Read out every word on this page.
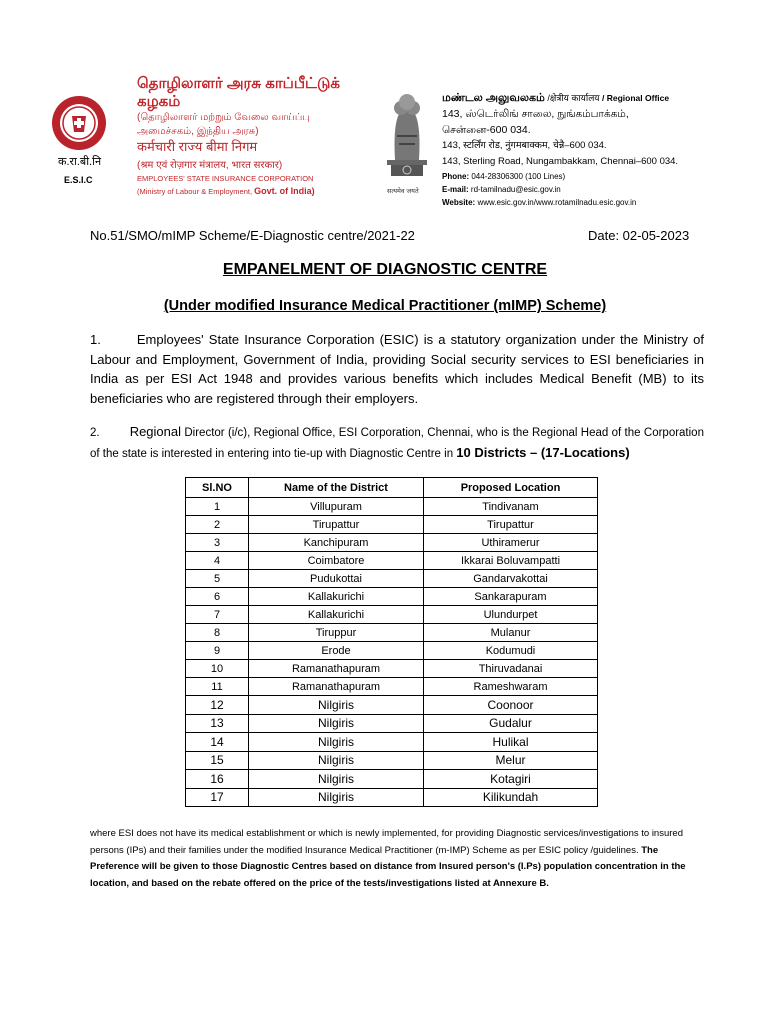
क.रा.बी.नि
E.S.I.C
தொழிலாளர் அரசு காப்பீட்டுக் கழகம்
(தொழிலாளர் மற்றும் வேலை வாய்ப்பு
அமைச்சகம், இந்திய அரசு)
कर्मचारी राज्य बीमा निगम
(श्रम एवं रोज़गार मंत्रालय, भारत सरकार)
EMPLOYEES' STATE INSURANCE CORPORATION
(Ministry of Labour & Employment, Govt. of India)	सत्यमेव जयते
மண்டல அலுவலகம் /क्षेत्रीय कार्यालय / Regional Office
143, ஸ்டெர்லிங் சாலை, நுங்கம்பாக்கம்,
சென்னை-600 034.
143, स्टर्लिंग रोड, नुंगमबाक्कम, चेन्नै–600 034.
143, Sterling Road, Nungambakkam, Chennai–600 034.
Phone: 044-28306300 (100 Lines)
E-mail: rd-tamilnadu@esic.gov.in
Website: www.esic.gov.in/www.rotamilnadu.esic.gov.in
No.51/SMO/mIMP Scheme/E-Diagnostic centre/2021-22	Date: 02-05-2023
EMPANELMENT OF DIAGNOSTIC CENTRE
(Under modified Insurance Medical Practitioner (mIMP) Scheme)
1.	Employees' State Insurance Corporation (ESIC) is a statutory organization under the Ministry of Labour and Employment, Government of India, providing Social security services to ESI beneficiaries in India as per ESI Act 1948 and provides various benefits which includes Medical Benefit (MB) to its beneficiaries who are registered through their employers.
2. Regional Director (i/c), Regional Office, ESI Corporation, Chennai, who is the Regional Head of the Corporation of the state is interested in entering into tie-up with Diagnostic Centre in 10 Districts – (17-Locations)
Sl.NO	Name of the District	Proposed Location
1	Villupuram	Tindivanam
2	Tirupattur	Tirupattur
3	Kanchipuram	Uthiramerur
4	Coimbatore	Ikkarai Boluvampatti
5	Pudukottai	Gandarvakottai
6	Kallakurichi	Sankarapuram
7	Kallakurichi	Ulundurpet
8	Tiruppur	Mulanur
9	Erode	Kodumudi
10	Ramanathapuram	Thiruvadanai
11	Ramanathapuram	Rameshwaram
12	Nilgiris	Coonoor
13	Nilgiris	Gudalur
14	Nilgiris	Hulikal
15	Nilgiris	Melur
16	Nilgiris	Kotagiri
17	Nilgiris	Kilikundah
where ESI does not have its medical establishment or which is newly implemented, for providing Diagnostic services/investigations to insured persons (IPs) and their families under the modified Insurance Medical Practitioner (m-IMP) Scheme as per ESIC policy /guidelines. The Preference will be given to those Diagnostic Centres based on distance from Insured person's (I.Ps) population concentration in the location, and based on the rebate offered on the price of the tests/investigations listed at Annexure B.
